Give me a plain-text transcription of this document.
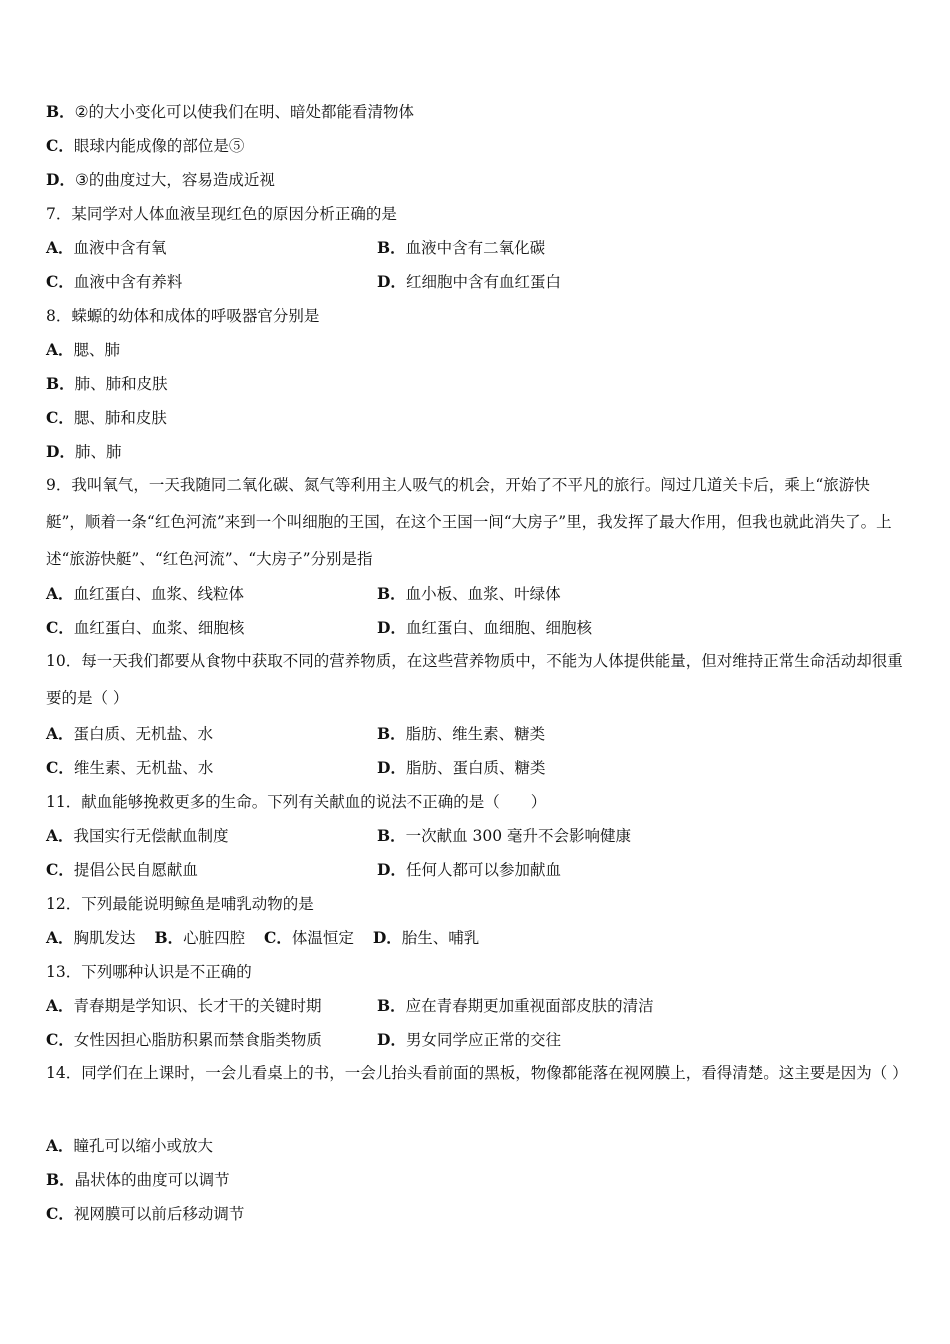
B．②的大小变化可以使我们在明、暗处都能看清物体
C．眼球内能成像的部位是⑤
D．③的曲度过大，容易造成近视
7．某同学对人体血液呈现红色的原因分析正确的是
A．血液中含有氧	B．血液中含有二氧化碳
C．血液中含有养料	D．红细胞中含有血红蛋白
8．蝾螈的幼体和成体的呼吸器官分别是
A．腮、肺
B．肺、肺和皮肤
C．腮、肺和皮肤
D．肺、肺
9．我叫氧气，一天我随同二氧化碳、氮气等利用主人吸气的机会，开始了不平凡的旅行。闯过几道关卡后，乘上“旅游快艇”，顺着一条“红色河流”来到一个叫细胞的王国，在这个王国一间“大房子”里，我发挥了最大作用，但我也就此消失了。上述“旅游快艇”、“红色河流”、“大房子”分别是指
A．血红蛋白、血浆、线粒体	B．血小板、血浆、叶绿体
C．血红蛋白、血浆、细胞核	D．血红蛋白、血细胞、细胞核
10．每一天我们都要从食物中获取不同的营养物质，在这些营养物质中，不能为人体提供能量，但对维持正常生命活动却很重要的是（ ）
A．蛋白质、无机盐、水	B．脂肪、维生素、糖类
C．维生素、无机盐、水	D．脂肪、蛋白质、糖类
11．献血能够挽救更多的生命。下列有关献血的说法不正确的是（　　）
A．我国实行无偿献血制度	B．一次献血 300 毫升不会影响健康
C．提倡公民自愿献血	D．任何人都可以参加献血
12．下列最能说明鲸鱼是哺乳动物的是
A．胸肌发达 B．心脏四腔 C．体温恒定 D．胎生、哺乳
13．下列哪种认识是不正确的
A．青春期是学知识、长才干的关键时期	B．应在青春期更加重视面部皮肤的清洁
C．女性因担心脂肪积累而禁食脂类物质	D．男女同学应正常的交往
14．同学们在上课时，一会儿看桌上的书，一会儿抬头看前面的黑板，物像都能落在视网膜上，看得清楚。这主要是因为（ ）
A．瞳孔可以缩小或放大
B．晶状体的曲度可以调节
C．视网膜可以前后移动调节
